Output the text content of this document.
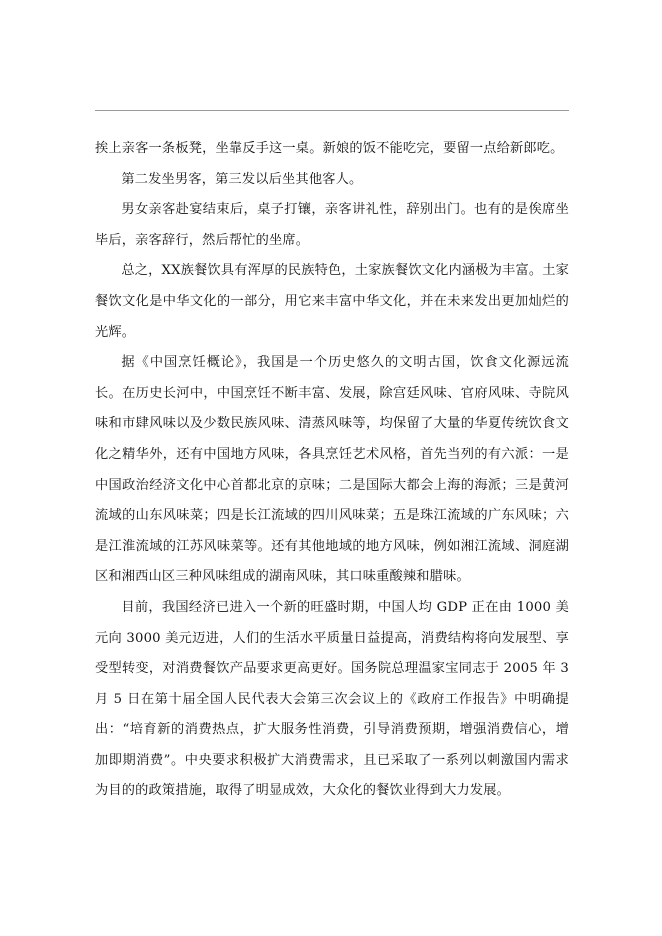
挨上亲客一条板凳，坐靠反手这一桌。新娘的饭不能吃完，要留一点给新郎吃。

第二发坐男客，第三发以后坐其他客人。

男女亲客赴宴结束后，桌子打镶，亲客讲礼性，辞别出门。也有的是俟席坐毕后，亲客辞行，然后帮忙的坐席。

总之，XX族餐饮具有浑厚的民族特色，土家族餐饮文化内涵极为丰富。土家餐饮文化是中华文化的一部分，用它来丰富中华文化，并在未来发出更加灿烂的光辉。

据《中国烹饪概论》，我国是一个历史悠久的文明古国，饮食文化源远流长。在历史长河中，中国烹饪不断丰富、发展，除宫廷风味、官府风味、寺院风味和市肆风味以及少数民族风味、清蒸风味等，均保留了大量的华夏传统饮食文化之精华外，还有中国地方风味，各具烹饪艺术风格，首先当列的有六派：一是中国政治经济文化中心首都北京的京味；二是国际大都会上海的海派；三是黄河流域的山东风味菜；四是长江流域的四川风味菜；五是珠江流域的广东风味；六是江淮流域的江苏风味菜等。还有其他地域的地方风味，例如湘江流域、洞庭湖区和湘西山区三种风味组成的湖南风味，其口味重酸辣和腊味。

目前，我国经济已进入一个新的旺盛时期，中国人均 GDP 正在由 1000 美元向 3000 美元迈进，人们的生活水平质量日益提高，消费结构将向发展型、享受型转变，对消费餐饮产品要求更高更好。国务院总理温家宝同志于 2005 年 3 月 5 日在第十届全国人民代表大会第三次会议上的《政府工作报告》中明确提出：“培育新的消费热点，扩大服务性消费，引导消费预期，增强消费信心，增加即期消费”。中央要求积极扩大消费需求，且已采取了一系列以刺激国内需求为目的的政策措施，取得了明显成效，大众化的餐饮业得到大力发展。
